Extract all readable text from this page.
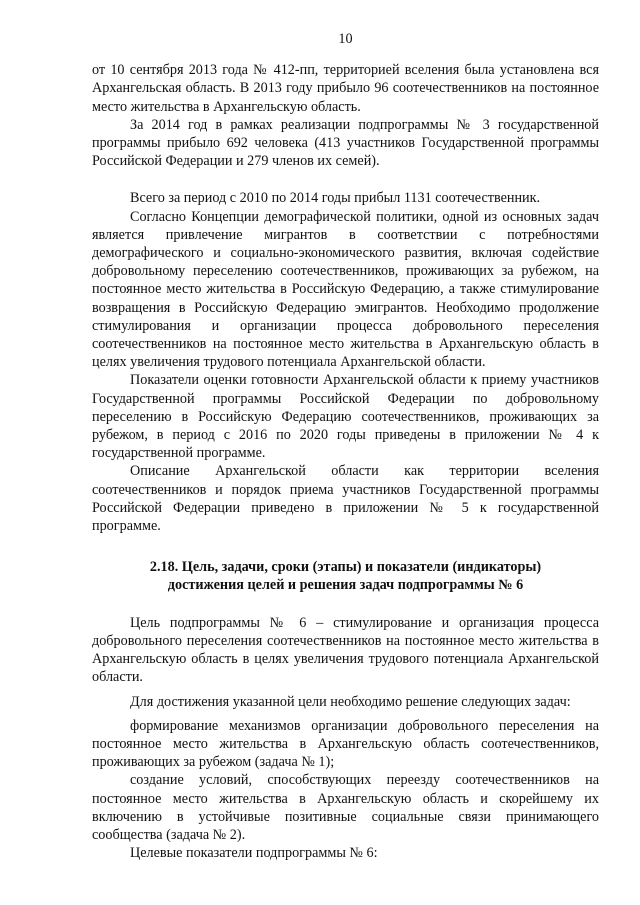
10

от 10 сентября 2013 года № 412-пп, территорией вселения была установлена вся Архангельская область. В 2013 году прибыло 96 соотечественников на постоянное место жительства в Архангельскую область.

За 2014 год в рамках реализации подпрограммы № 3 государственной программы прибыло 692 человека (413 участников Государственной программы Российской Федерации и 279 членов их семей).

Всего за период с 2010 по 2014 годы прибыл 1131 соотечественник.

Согласно Концепции демографической политики, одной из основных задач является привлечение мигрантов в соответствии с потребностями демографического и социально-экономического развития, включая содействие добровольному переселению соотечественников, проживающих за рубежом, на постоянное место жительства в Российскую Федерацию, а также стимулирование возвращения в Российскую Федерацию эмигрантов. Необходимо продолжение стимулирования и организации процесса добровольного переселения соотечественников на постоянное место жительства в Архангельскую область в целях увеличения трудового потенциала Архангельской области.

Показатели оценки готовности Архангельской области к приему участников Государственной программы Российской Федерации по добровольному переселению в Российскую Федерацию соотечественников, проживающих за рубежом, в период с 2016 по 2020 годы приведены в приложении № 4 к государственной программе.

Описание Архангельской области как территории вселения соотечественников и порядок приема участников Государственной программы Российской Федерации приведено в приложении № 5 к государственной программе.

2.18. Цель, задачи, сроки (этапы) и показатели (индикаторы)
достижения целей и решения задач подпрограммы № 6

Цель подпрограммы № 6 – стимулирование и организация процесса добровольного переселения соотечественников на постоянное место жительства в Архангельскую область в целях увеличения трудового потенциала Архангельской области.

Для достижения указанной цели необходимо решение следующих задач:

формирование механизмов организации добровольного переселения на постоянное место жительства в Архангельскую область соотечественников, проживающих за рубежом (задача № 1);

создание условий, способствующих переезду соотечественников на постоянное место жительства в Архангельскую область и скорейшему их включению в устойчивые позитивные социальные связи принимающего сообщества (задача № 2).

Целевые показатели подпрограммы № 6:
